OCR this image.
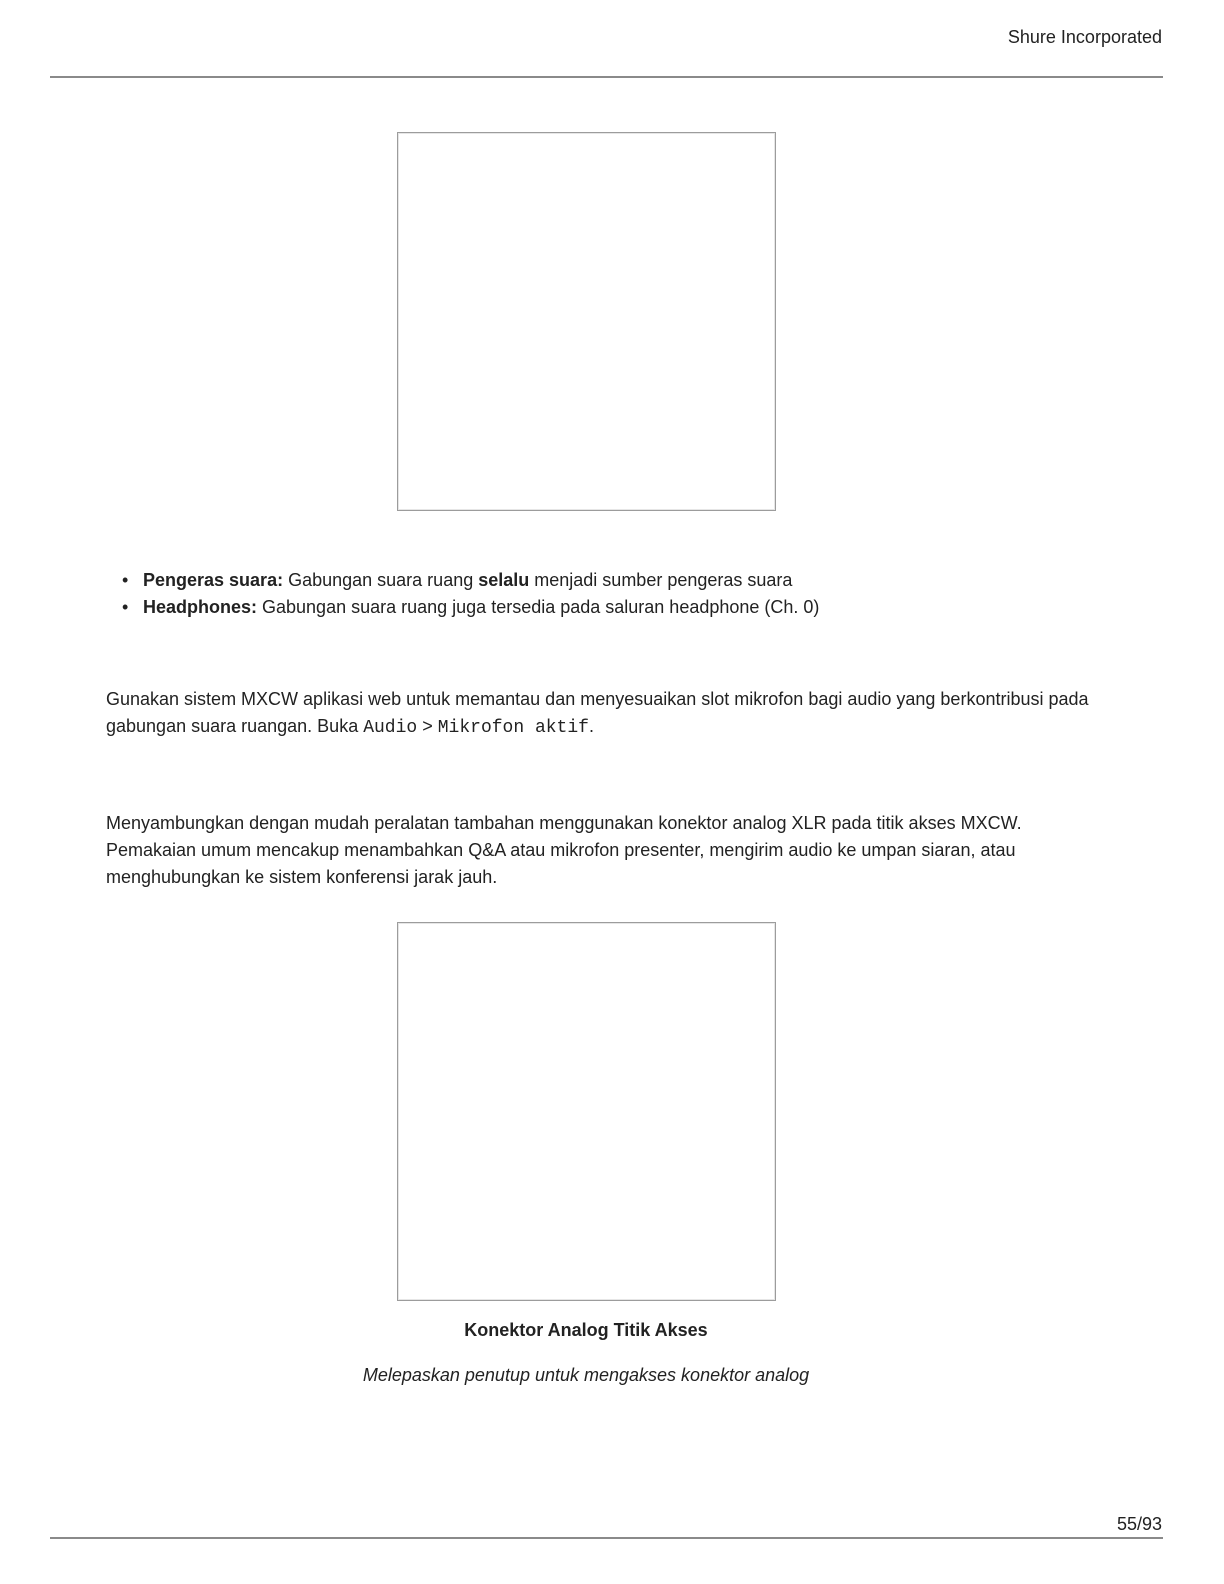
Shure Incorporated
• Pengeras suara: Gabungan suara ruang selalu menjadi sumber pengeras suara
• Headphones: Gabungan suara ruang juga tersedia pada saluran headphone (Ch. 0)

Gunakan sistem MXCW aplikasi web untuk memantau dan menyesuaikan slot mikrofon bagi audio yang berkontribusi pada gabungan suara ruangan. Buka Audio > Mikrofon aktif.

Menyambungkan dengan mudah peralatan tambahan menggunakan konektor analog XLR pada titik akses MXCW. Pemakaian umum mencakup menambahkan Q&A atau mikrofon presenter, mengirim audio ke umpan siaran, atau menghubungkan ke sistem konferensi jarak jauh.

Konektor Analog Titik Akses
Melepaskan penutup untuk mengakses konektor analog
55/93
